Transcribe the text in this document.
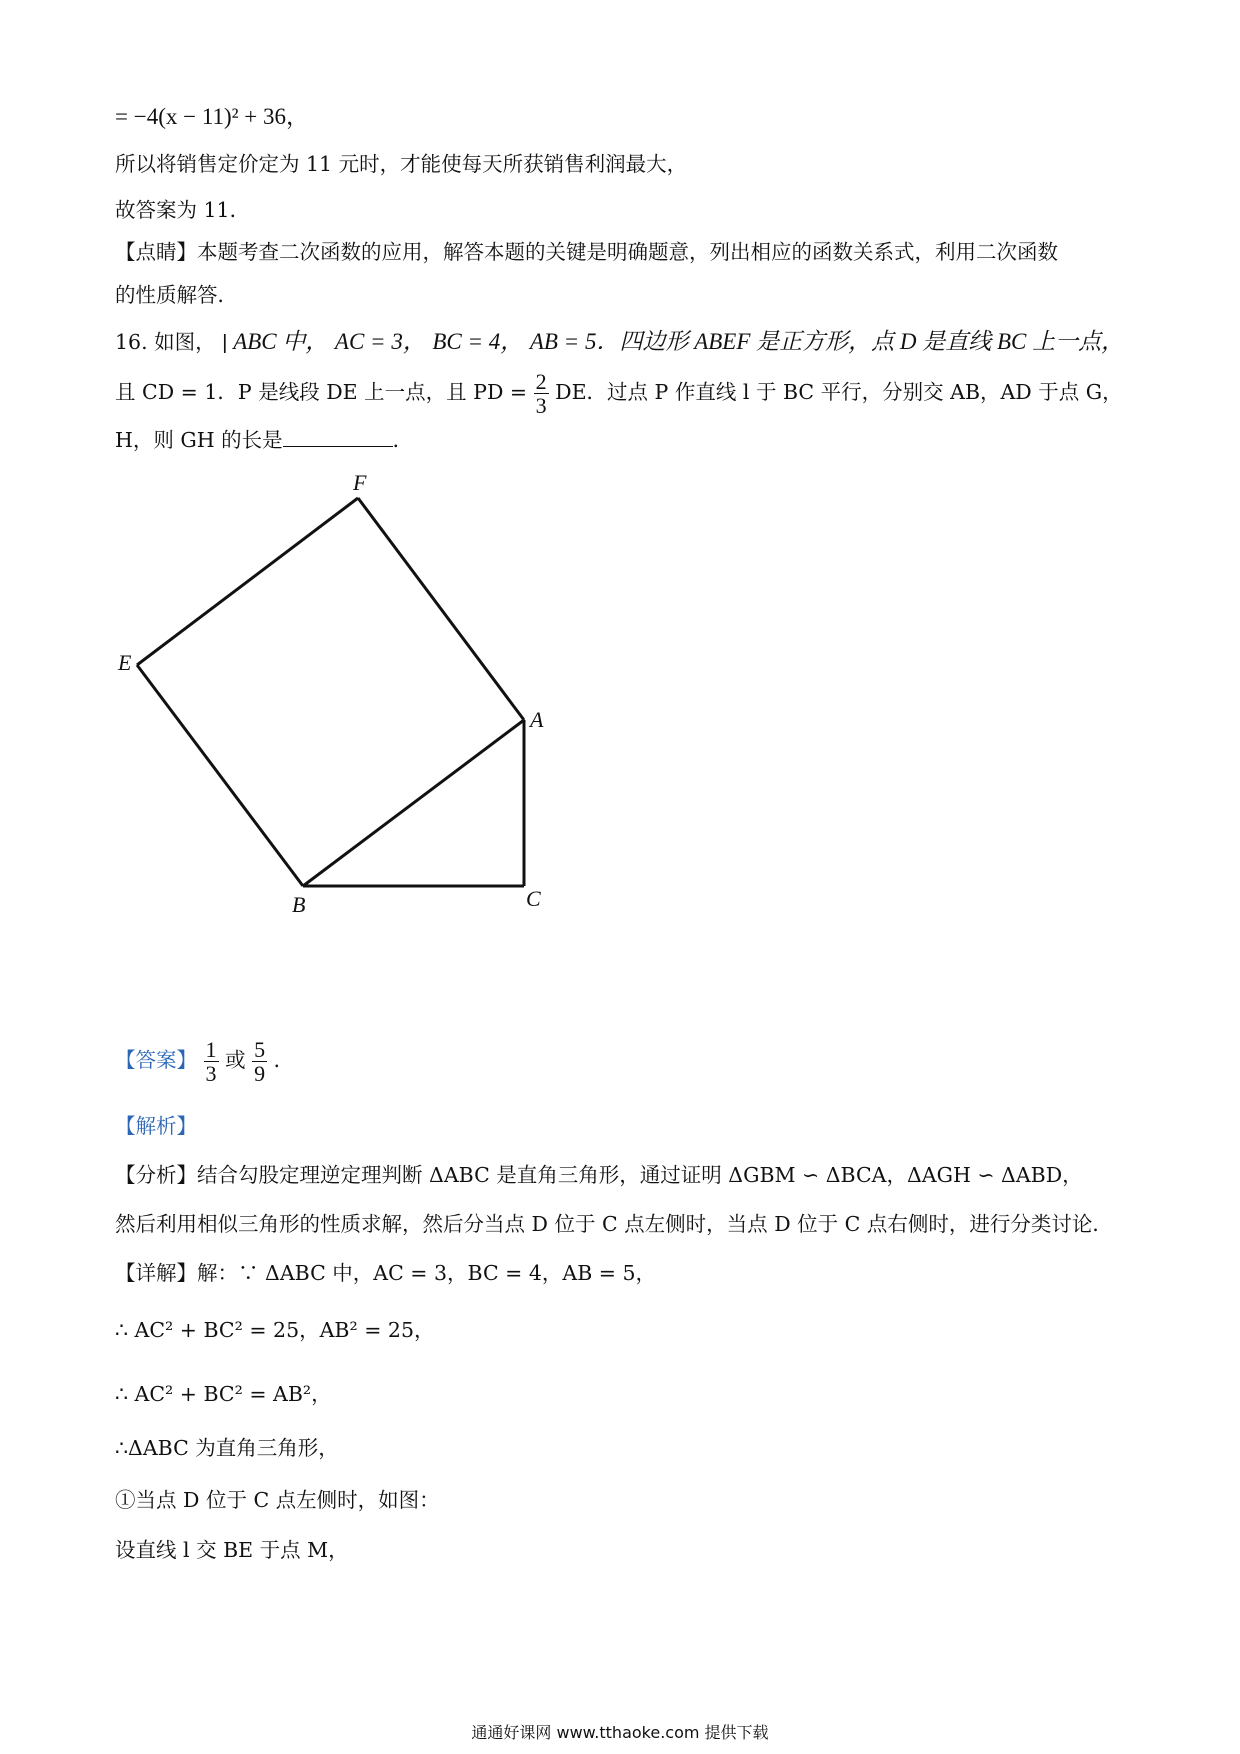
= −4(x − 11)² + 36，
所以将销售定价定为 11 元时，才能使每天所获销售利润最大，
故答案为 11．
【点睛】本题考查二次函数的应用，解答本题的关键是明确题意，列出相应的函数关系式，利用二次函数
的性质解答．
16. 如图， | ABC 中， AC = 3， BC = 4， AB = 5．四边形 ABEF 是正方形，点 D 是直线 BC 上一点，
且 CD = 1．P 是线段 DE 上一点，且 PD = $\frac{2}{3}$ DE．过点 P 作直线 l 于 BC 平行，分别交 AB，AD 于点 G，
H，则 GH 的长是	．
F
E
A
B	C
【答案】 $\frac{1}{3}$ 或 $\frac{5}{9}$ ．
【解析】
【分析】结合勾股定理逆定理判断 ΔABC 是直角三角形，通过证明 ΔGBM ∽ ΔBCA，ΔAGH ∽ ΔABD，
然后利用相似三角形的性质求解，然后分当点 D 位于 C 点左侧时，当点 D 位于 C 点右侧时，进行分类讨论．
【详解】解：∵ ΔABC 中，AC = 3，BC = 4，AB = 5，
∴ AC² + BC² = 25，AB² = 25，
∴ AC² + BC² = AB²，
∴ΔABC 为直角三角形，
①当点 D 位于 C 点左侧时，如图：
设直线 l 交 BE 于点 M，
通通好课网 www.tthaoke.com 提供下载
